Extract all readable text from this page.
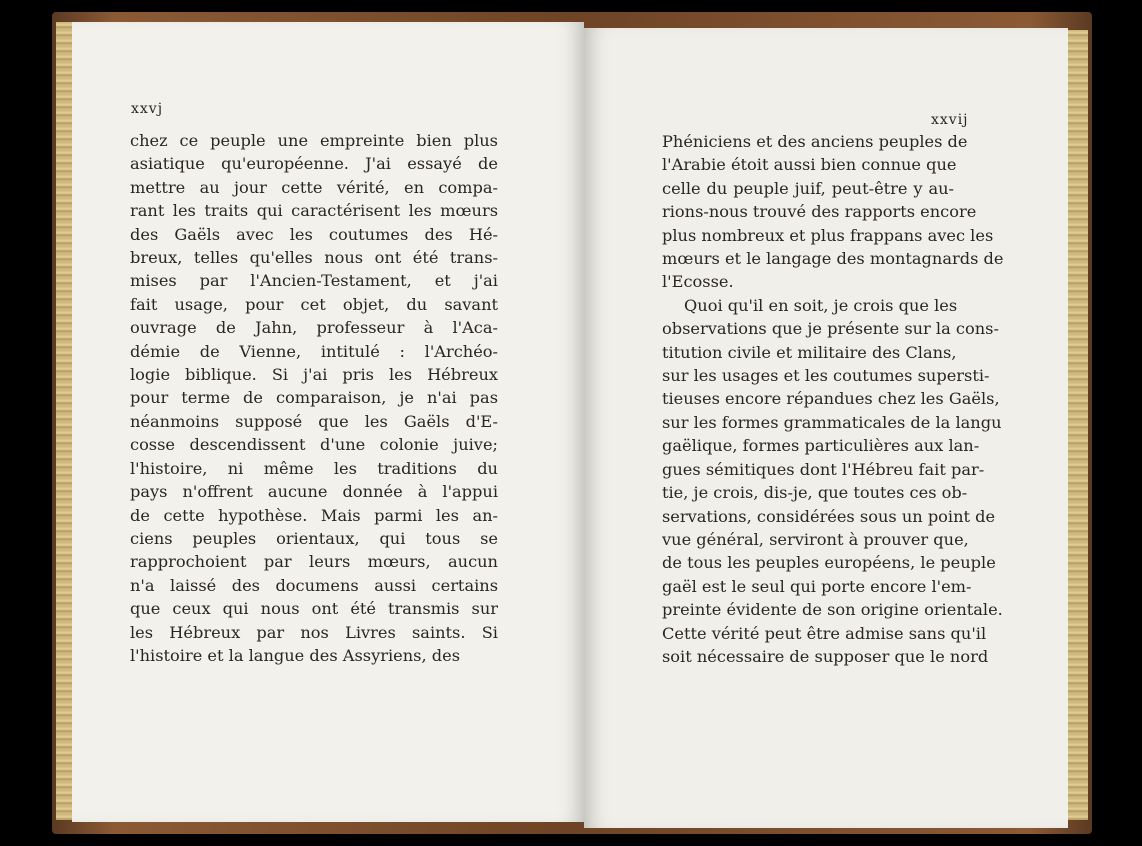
xxvj
xxvij
chez ce peuple une empreinte bien plus
asiatique qu'européenne. J'ai essayé de
mettre au jour cette vérité, en compa-
rant les traits qui caractérisent les mœurs
des Gaëls avec les coutumes des Hé-
breux, telles qu'elles nous ont été trans-
mises par l'Ancien-Testament, et j'ai
fait usage, pour cet objet, du savant
ouvrage de Jahn, professeur à l'Aca-
démie de Vienne, intitulé : l'Archéo-
logie biblique. Si j'ai pris les Hébreux
pour terme de comparaison, je n'ai pas
néanmoins supposé que les Gaëls d'E-
cosse descendissent d'une colonie juive;
l'histoire, ni même les traditions du
pays n'offrent aucune donnée à l'appui
de cette hypothèse. Mais parmi les an-
ciens peuples orientaux, qui tous se
rapprochoient par leurs mœurs, aucun
n'a laissé des documens aussi certains
que ceux qui nous ont été transmis sur
les Hébreux par nos Livres saints. Si
l'histoire et la langue des Assyriens, des
Phéniciens et des anciens peuples de
l'Arabie étoit aussi bien connue que
celle du peuple juif, peut-être y au-
rions-nous trouvé des rapports encore
plus nombreux et plus frappans avec les
mœurs et le langage des montagnards de
l'Ecosse.
Quoi qu'il en soit, je crois que les
observations que je présente sur la cons-
titution civile et militaire des Clans,
sur les usages et les coutumes supersti-
tieuses encore répandues chez les Gaëls,
sur les formes grammaticales de la langu
gaëlique, formes particulières aux lan-
gues sémitiques dont l'Hébreu fait par-
tie, je crois, dis-je, que toutes ces ob-
servations, considérées sous un point de
vue général, serviront à prouver que,
de tous les peuples européens, le peuple
gaël est le seul qui porte encore l'em-
preinte évidente de son origine orientale.
Cette vérité peut être admise sans qu'il
soit nécessaire de supposer que le nord
